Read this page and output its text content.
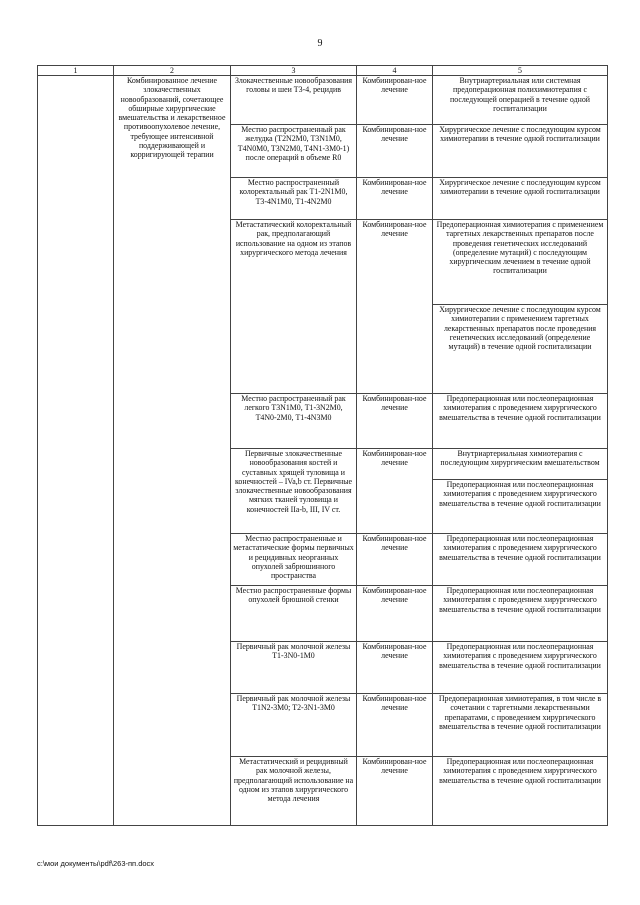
9
1	2	3	4	5
	Комбинированное лечение злокачественных новообразований, сочетающее обширные хирургические вмешательства и лекарственное противоопухолевое лечение, требующее интенсивной поддерживающей и корригирующей терапии	Злокачественные новообразования головы и шеи Т3-4, рецидив	Комбинирован-ное лечение	Внутриартериальная или системная предоперационная полихимиотерапия с последующей операцией в течение одной госпитализации
		Местно распространенный рак желудка (T2N2M0, T3N1M0, T4N0M0, T3N2M0, T4N1-3M0-1) после операций в объеме R0	Комбинирован-ное лечение	Хирургическое лечение с последующим курсом химиотерапии в течение одной госпитализации
		Местно распространенный колоректальный рак Т1-2N1M0, Т3-4N1M0, Т1-4N2M0	Комбинирован-ное лечение	Хирургическое лечение с последующим курсом химиотерапии в течение одной госпитализации
		Метастатический колоректальный рак, предполагающий использование на одном из этапов хирургического метода лечения	Комбинирован-ное лечение	Предоперационная химиотерапия с применением таргетных лекарственных препаратов после проведения генетических исследований (определение мутаций) с последующим хирургическим лечением в течение одной госпитализации
				Хирургическое лечение с последующим курсом химиотерапии с применением таргетных лекарственных препаратов после проведения генетических исследований (определение мутаций) в течение одной госпитализации
		Местно распространенный рак легкого Т3N1M0, Т1-3N2M0, Т4N0-2M0, Т1-4N3M0	Комбинирован-ное лечение	Предоперационная или послеоперационная химиотерапия с проведением хирургического вмешательства в течение одной госпитализации
		Первичные злокачественные новообразования костей и суставных хрящей туловища и конечностей – IVa,b ст. Первичные злокачественные новообразования мягких тканей туловища и конечностей IIa-b, III, IV ст.	Комбинирован-ное лечение	Внутриартериальная химиотерапия с последующим хирургическим вмешательством
				Предоперационная или послеоперационная химиотерапия с проведением хирургического вмешательства в течение одной госпитализации
		Местно распространенные и метастатические формы первичных и рецидивных неорганных опухолей забрюшинного пространства	Комбинирован-ное лечение	Предоперационная или послеоперационная химиотерапия с проведением хирургического вмешательства в течение одной госпитализации
		Местно распространенные формы опухолей брюшной стенки	Комбинирован-ное лечение	Предоперационная или послеоперационная химиотерапия с проведением хирургического вмешательства в течение одной госпитализации
		Первичный рак молочной железы Т1-3N0-1M0	Комбинирован-ное лечение	Предоперационная или послеоперационная химиотерапия с проведением хирургического вмешательства в течение одной госпитализации
		Первичный рак молочной железы Т1N2-3M0; Т2-3N1-3M0	Комбинирован-ное лечение	Предоперационная химиотерапия, в том числе в сочетании с таргетными лекарственными препаратами, с проведением хирургического вмешательства в течение одной госпитализации
		Метастатический и рецидивный рак молочной железы, предполагающий использование на одном из этапов хирургического метода лечения	Комбинирован-ное лечение	Предоперационная или послеоперационная химиотерапия с проведением хирургического вмешательства в течение одной госпитализации
c:\мои документы\pdf\263-пп.docx
